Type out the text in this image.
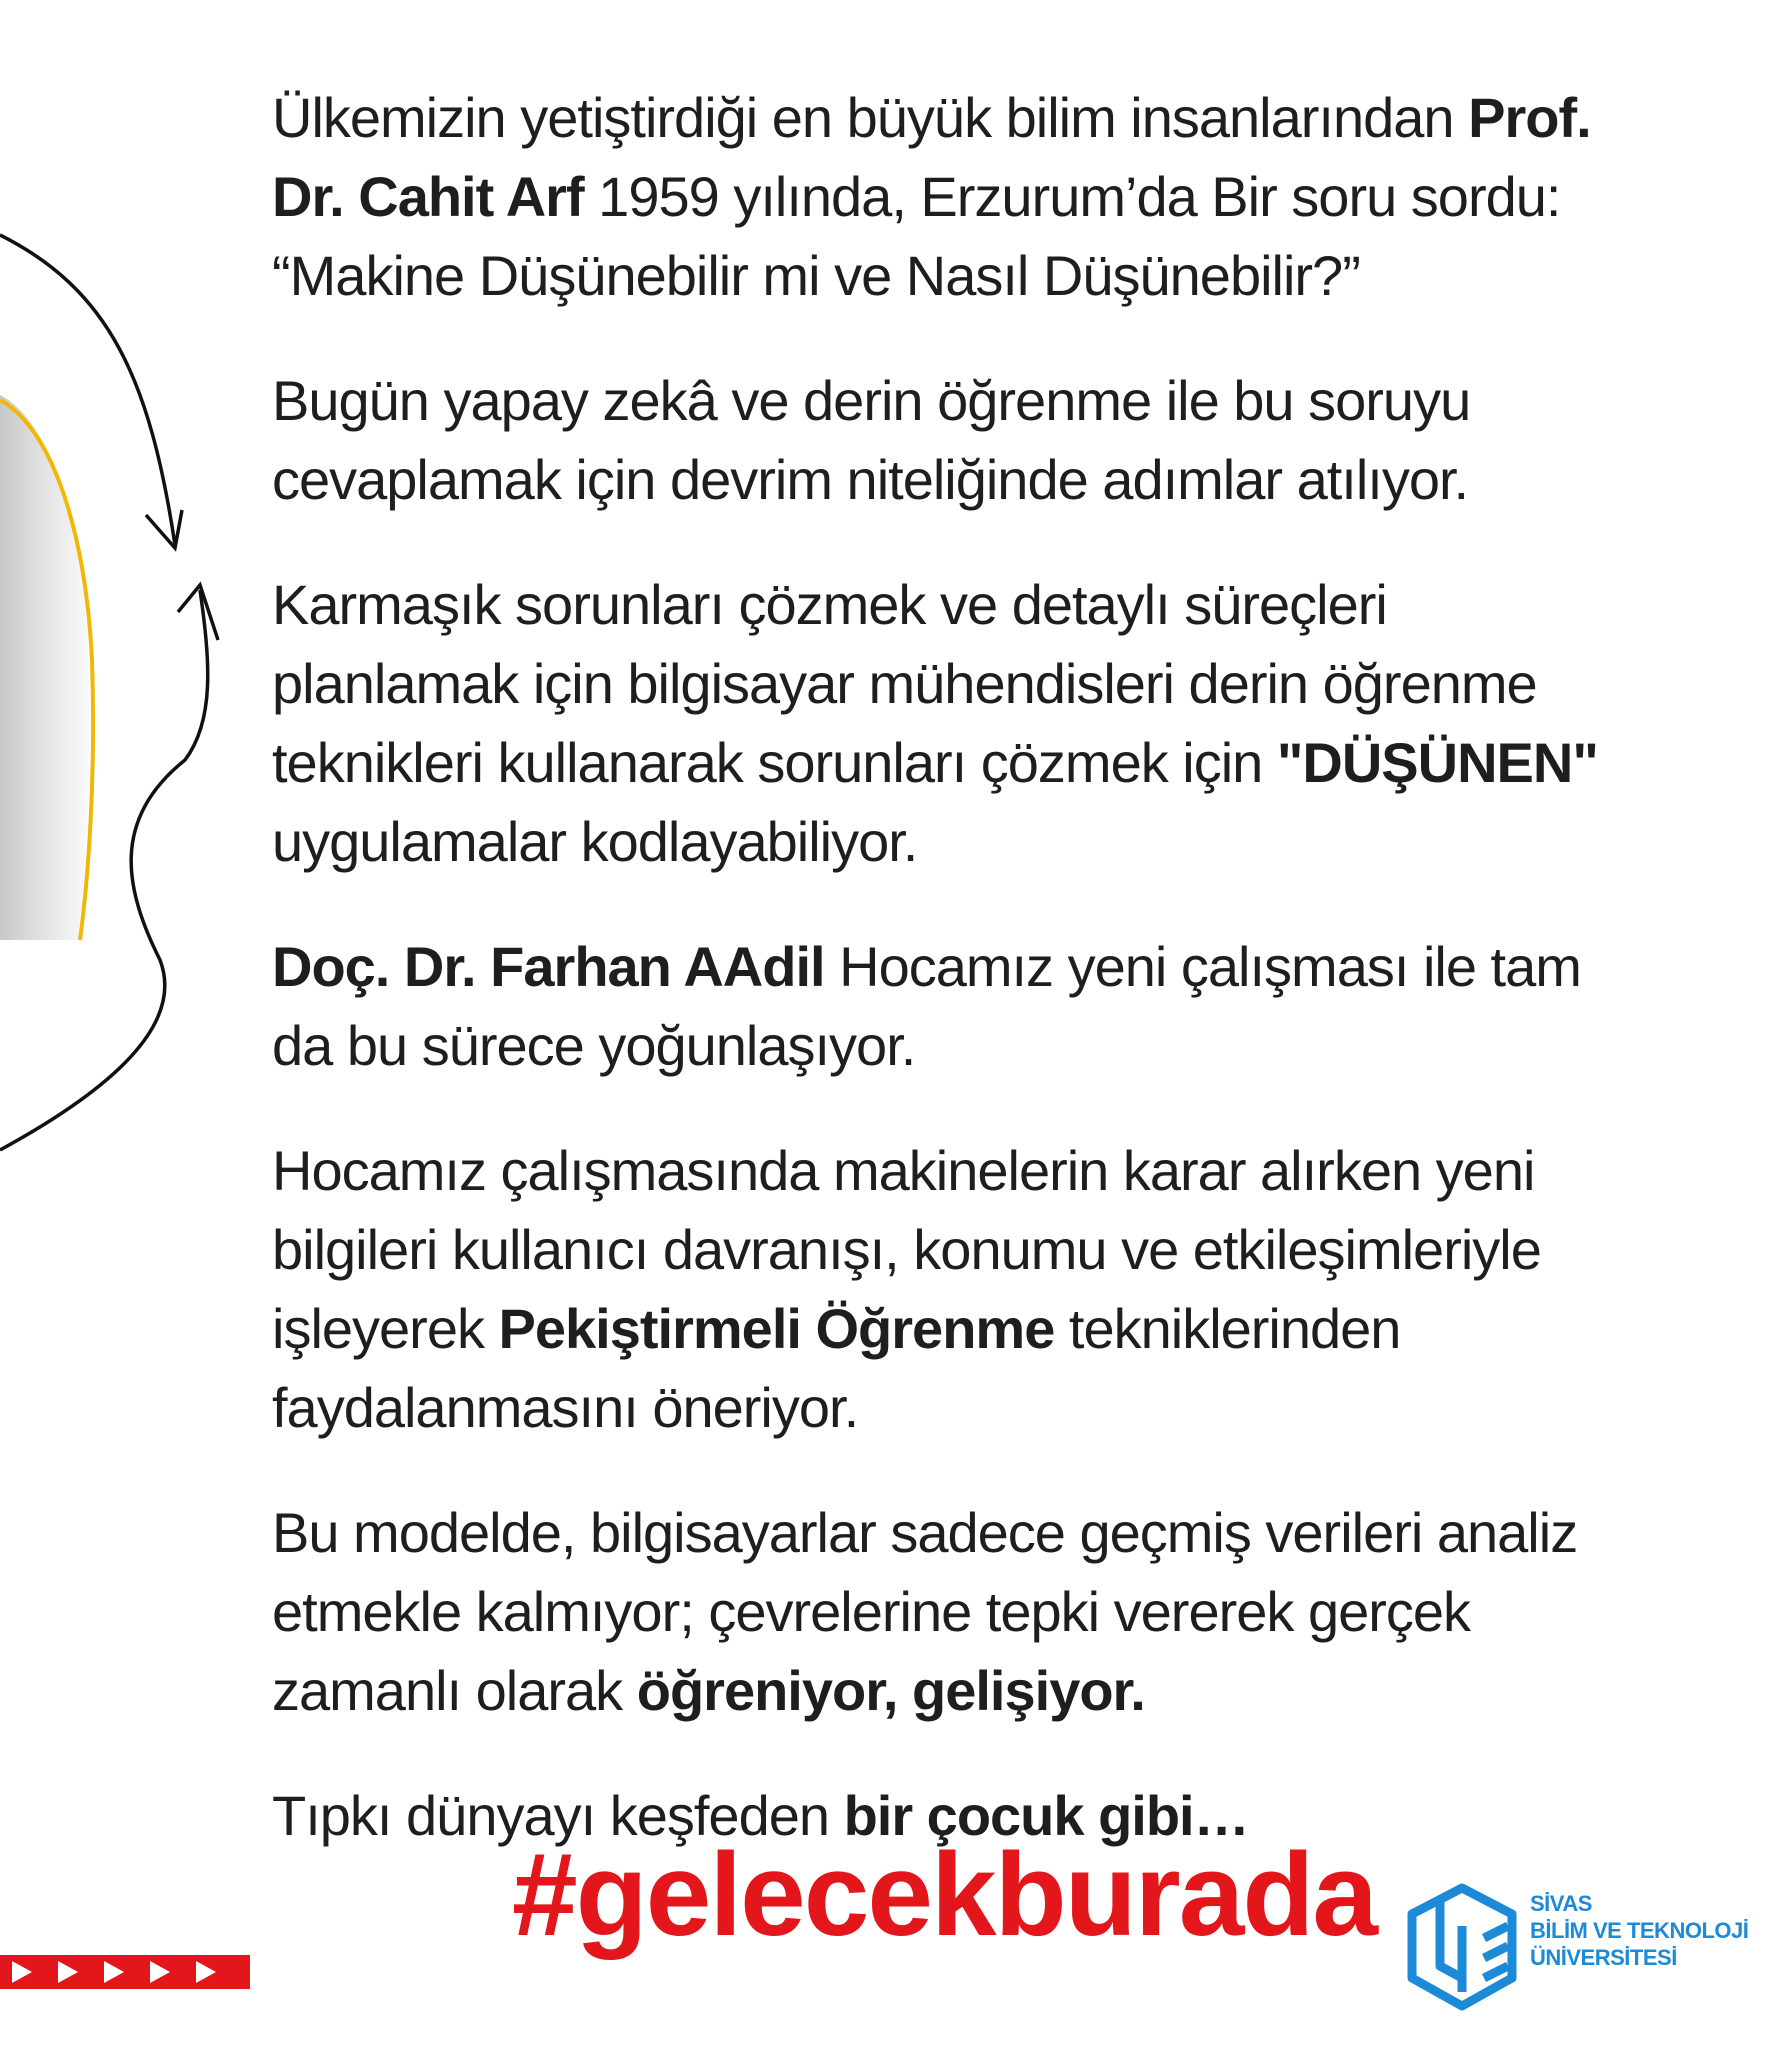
Ülkemizin yetiştirdiği en büyük bilim insanlarından Prof. Dr. Cahit Arf 1959 yılında, Erzurum’da Bir soru sordu: “Makine Düşünebilir mi ve Nasıl Düşünebilir?”

Bugün yapay zekâ ve derin öğrenme ile bu soruyu cevaplamak için devrim niteliğinde adımlar atılıyor.

Karmaşık sorunları çözmek ve detaylı süreçleri planlamak için bilgisayar mühendisleri derin öğrenme teknikleri kullanarak sorunları çözmek için "DÜŞÜNEN" uygulamalar kodlayabiliyor.

Doç. Dr. Farhan AAdil Hocamız yeni çalışması ile tam da bu sürece yoğunlaşıyor.

Hocamız çalışmasında makinelerin karar alırken yeni bilgileri kullanıcı davranışı, konumu ve etkileşimleriyle işleyerek Pekiştirmeli Öğrenme tekniklerinden faydalanmasını öneriyor.

Bu modelde, bilgisayarlar sadece geçmiş verileri analiz etmekle kalmıyor; çevrelerine tepki vererek gerçek zamanlı olarak öğreniyor, gelişiyor.

Tıpkı dünyayı keşfeden bir çocuk gibi…

#gelecekburada	SİVAS
BİLİM VE TEKNOLOJİ
ÜNİVERSİTESİ
